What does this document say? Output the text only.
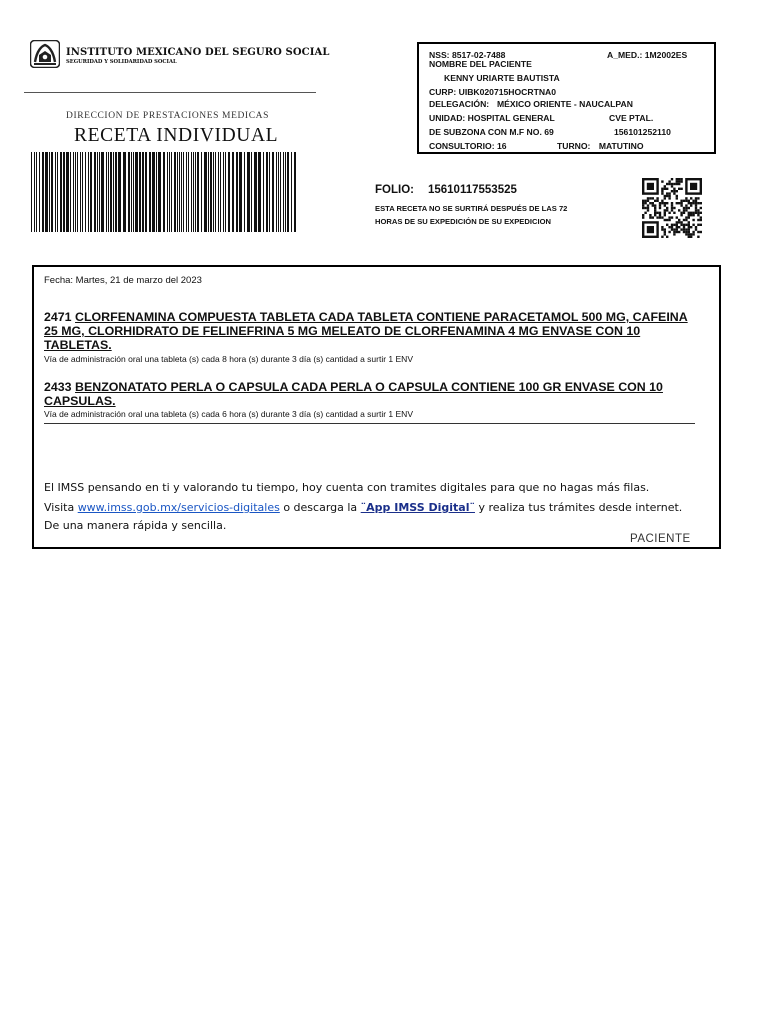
INSTITUTO MEXICANO DEL SEGURO SOCIAL
SEGURIDAD Y SOLIDARIDAD SOCIAL
DIRECCIÓN DE PRESTACIONES MÉDICAS
RECETA INDIVIDUAL
NSS: 8517-02-7488	A_MED.: 1M2002ES
NOMBRE DEL PACIENTE
KENNY URIARTE BAUTISTA
CURP: UIBK020715HOCRTNA0
DELEGACIÓN: MÉXICO ORIENTE - NAUCALPAN
UNIDAD: HOSPITAL GENERAL	CVE PTAL.
DE SUBZONA CON M.F NO. 69	156101252110
CONSULTORIO: 16	TURNO: MATUTINO
FOLIO: 15610117553525
ESTA RECETA NO SE SURTIRÁ DESPUÉS DE LAS 72
HORAS DE SU EXPEDICIÓN DE SU EXPEDICION
Fecha: Martes, 21 de marzo del 2023
2471 CLORFENAMINA COMPUESTA TABLETA CADA TABLETA CONTIENE PARACETAMOL 500 MG, CAFEINA
25 MG, CLORHIDRATO DE FELINEFRINA 5 MG MELEATO DE CLORFENAMINA 4 MG ENVASE CON 10
TABLETAS.
Vía de administración oral una tableta (s) cada 8 hora (s) durante 3 día (s) cantidad a surtir 1 ENV
2433 BENZONATATO PERLA O CAPSULA CADA PERLA O CAPSULA CONTIENE 100 GR ENVASE CON 10
CAPSULAS.
Vía de administración oral una tableta (s) cada 6 hora (s) durante 3 día (s) cantidad a surtir 1 ENV
El IMSS pensando en ti y valorando tu tiempo, hoy cuenta con tramites digitales para que no hagas más filas.
Visita www.imss.gob.mx/servicios-digitales o descarga la ¨App IMSS Digital¨ y realiza tus trámites desde internet.
De una manera rápida y sencilla.
PACIENTE
